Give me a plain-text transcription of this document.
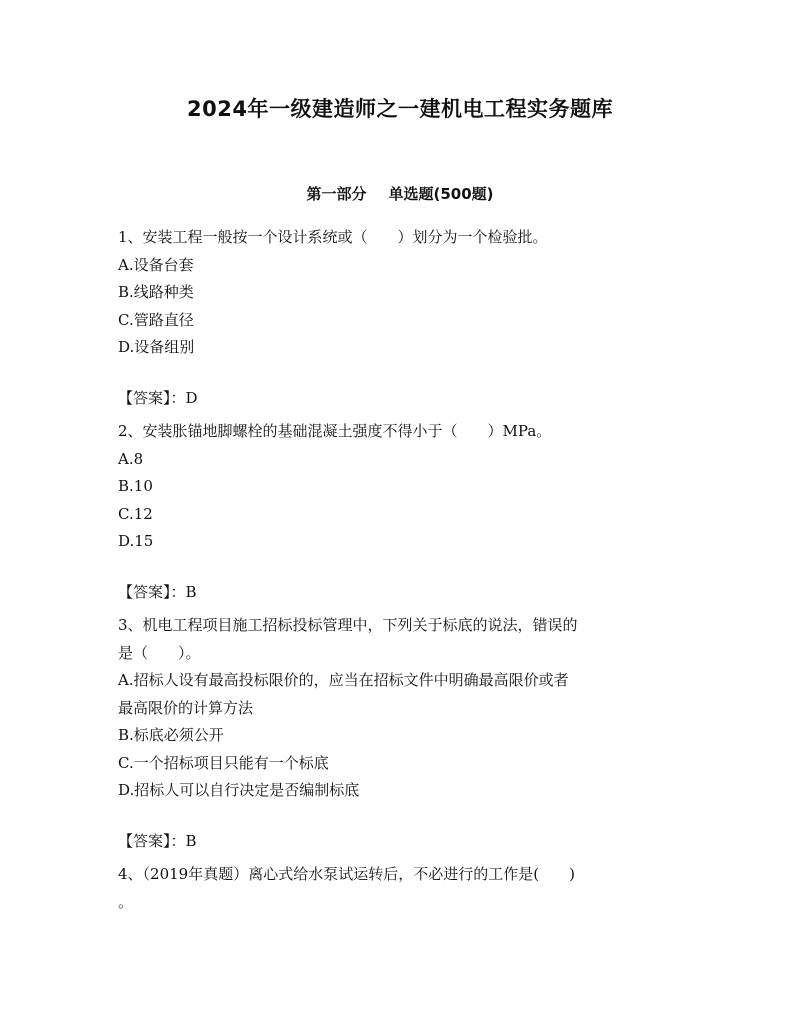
2024年一级建造师之一建机电工程实务题库
第一部分 单选题(500题)
1、安装工程一般按一个设计系统或（　　）划分为一个检验批。
A.设备台套
B.线路种类
C.管路直径
D.设备组别
【答案】：D
2、安装胀锚地脚螺栓的基础混凝土强度不得小于（　　）MPa。
A.8
B.10
C.12
D.15
【答案】：B
3、机电工程项目施工招标投标管理中，下列关于标底的说法，错误的
是（　　）。
A.招标人设有最高投标限价的，应当在招标文件中明确最高限价或者
最高限价的计算方法
B.标底必须公开
C.一个招标项目只能有一个标底
D.招标人可以自行决定是否编制标底
【答案】：B
4、（2019年真题）离心式给水泵试运转后，不必进行的工作是(　　)
。
